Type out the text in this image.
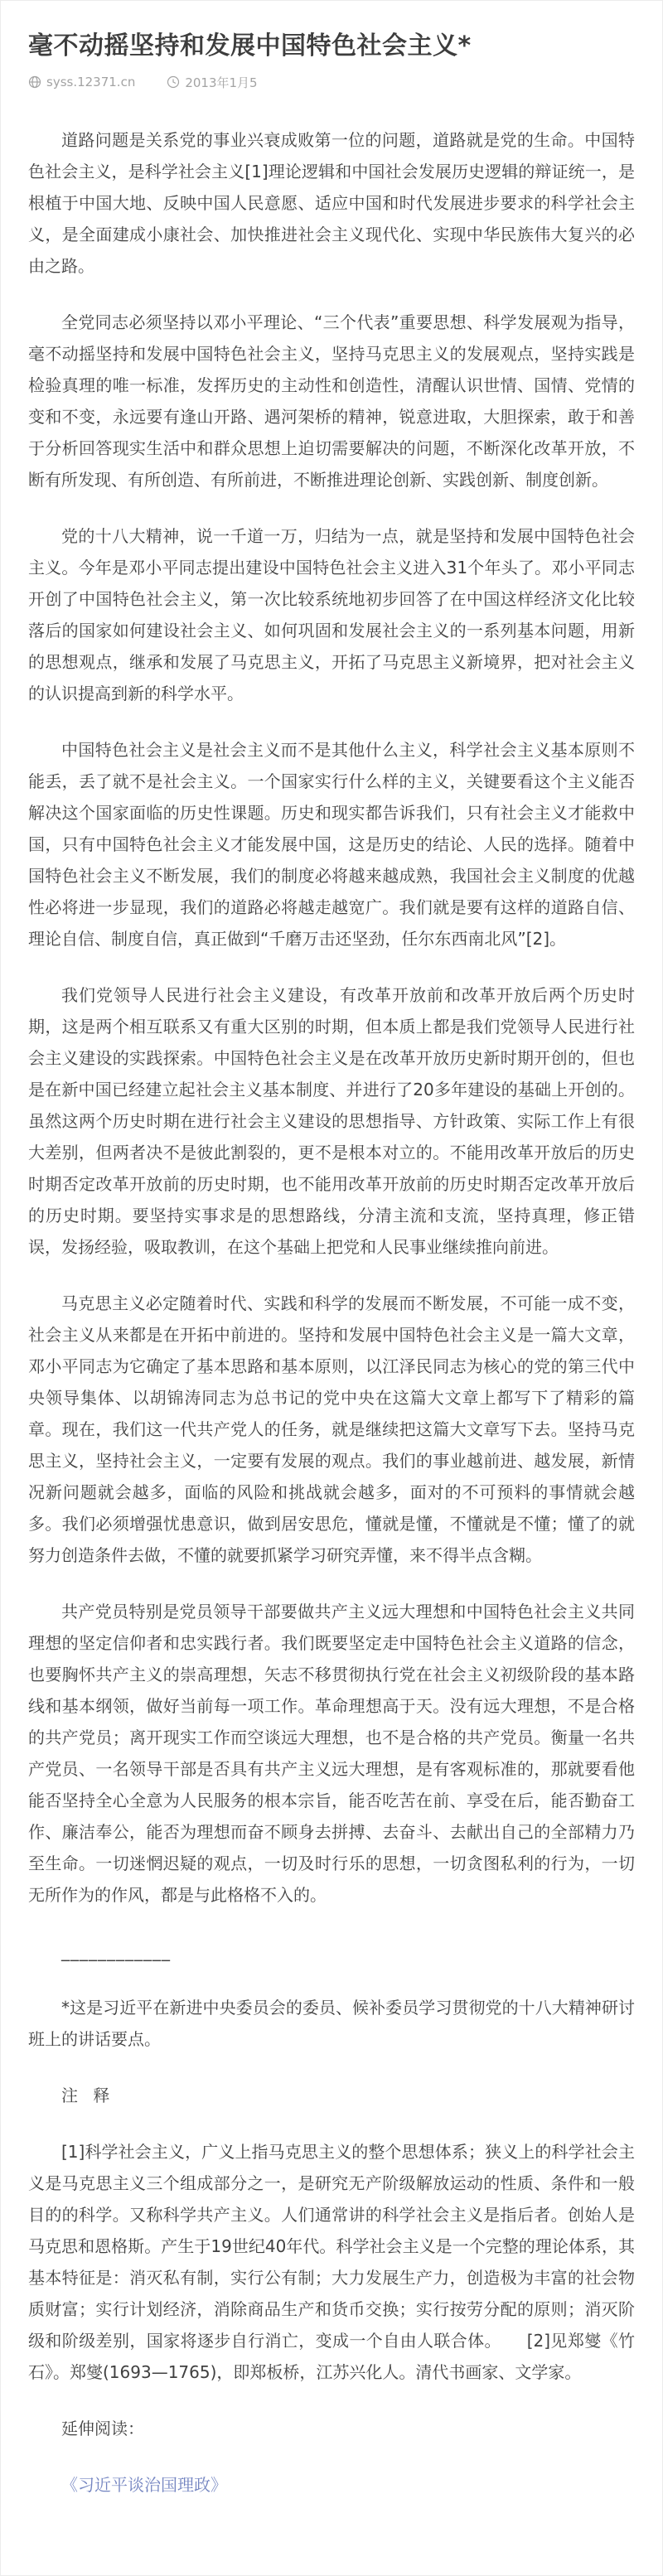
毫不动摇坚持和发展中国特色社会主义*
syss.12371.cn	2013年1月5

道路问题是关系党的事业兴衰成败第一位的问题，道路就是党的生命。中国特色社会主义，是科学社会主义[1]理论逻辑和中国社会发展历史逻辑的辩证统一，是根植于中国大地、反映中国人民意愿、适应中国和时代发展进步要求的科学社会主义，是全面建成小康社会、加快推进社会主义现代化、实现中华民族伟大复兴的必由之路。

全党同志必须坚持以邓小平理论、“三个代表”重要思想、科学发展观为指导，毫不动摇坚持和发展中国特色社会主义，坚持马克思主义的发展观点，坚持实践是检验真理的唯一标准，发挥历史的主动性和创造性，清醒认识世情、国情、党情的变和不变，永远要有逢山开路、遇河架桥的精神，锐意进取，大胆探索，敢于和善于分析回答现实生活中和群众思想上迫切需要解决的问题，不断深化改革开放，不断有所发现、有所创造、有所前进，不断推进理论创新、实践创新、制度创新。

党的十八大精神，说一千道一万，归结为一点，就是坚持和发展中国特色社会主义。今年是邓小平同志提出建设中国特色社会主义进入31个年头了。邓小平同志开创了中国特色社会主义，第一次比较系统地初步回答了在中国这样经济文化比较落后的国家如何建设社会主义、如何巩固和发展社会主义的一系列基本问题，用新的思想观点，继承和发展了马克思主义，开拓了马克思主义新境界，把对社会主义的认识提高到新的科学水平。

中国特色社会主义是社会主义而不是其他什么主义，科学社会主义基本原则不能丢，丢了就不是社会主义。一个国家实行什么样的主义，关键要看这个主义能否解决这个国家面临的历史性课题。历史和现实都告诉我们，只有社会主义才能救中国，只有中国特色社会主义才能发展中国，这是历史的结论、人民的选择。随着中国特色社会主义不断发展，我们的制度必将越来越成熟，我国社会主义制度的优越性必将进一步显现，我们的道路必将越走越宽广。我们就是要有这样的道路自信、理论自信、制度自信，真正做到“千磨万击还坚劲，任尔东西南北风”[2]。

我们党领导人民进行社会主义建设，有改革开放前和改革开放后两个历史时期，这是两个相互联系又有重大区别的时期，但本质上都是我们党领导人民进行社会主义建设的实践探索。中国特色社会主义是在改革开放历史新时期开创的，但也是在新中国已经建立起社会主义基本制度、并进行了20多年建设的基础上开创的。虽然这两个历史时期在进行社会主义建设的思想指导、方针政策、实际工作上有很大差别，但两者决不是彼此割裂的，更不是根本对立的。不能用改革开放后的历史时期否定改革开放前的历史时期，也不能用改革开放前的历史时期否定改革开放后的历史时期。要坚持实事求是的思想路线，分清主流和支流，坚持真理，修正错误，发扬经验，吸取教训，在这个基础上把党和人民事业继续推向前进。

马克思主义必定随着时代、实践和科学的发展而不断发展，不可能一成不变，社会主义从来都是在开拓中前进的。坚持和发展中国特色社会主义是一篇大文章，邓小平同志为它确定了基本思路和基本原则，以江泽民同志为核心的党的第三代中央领导集体、以胡锦涛同志为总书记的党中央在这篇大文章上都写下了精彩的篇章。现在，我们这一代共产党人的任务，就是继续把这篇大文章写下去。坚持马克思主义，坚持社会主义，一定要有发展的观点。我们的事业越前进、越发展，新情况新问题就会越多，面临的风险和挑战就会越多，面对的不可预料的事情就会越多。我们必须增强忧患意识，做到居安思危，懂就是懂，不懂就是不懂；懂了的就努力创造条件去做，不懂的就要抓紧学习研究弄懂，来不得半点含糊。

共产党员特别是党员领导干部要做共产主义远大理想和中国特色社会主义共同理想的坚定信仰者和忠实践行者。我们既要坚定走中国特色社会主义道路的信念，也要胸怀共产主义的崇高理想，矢志不移贯彻执行党在社会主义初级阶段的基本路线和基本纲领，做好当前每一项工作。革命理想高于天。没有远大理想，不是合格的共产党员；离开现实工作而空谈远大理想，也不是合格的共产党员。衡量一名共产党员、一名领导干部是否具有共产主义远大理想，是有客观标准的，那就要看他能否坚持全心全意为人民服务的根本宗旨，能否吃苦在前、享受在后，能否勤奋工作、廉洁奉公，能否为理想而奋不顾身去拼搏、去奋斗、去献出自己的全部精力乃至生命。一切迷惘迟疑的观点，一切及时行乐的思想，一切贪图私利的行为，一切无所作为的作风，都是与此格格不入的。

____________

*这是习近平在新进中央委员会的委员、候补委员学习贯彻党的十八大精神研讨班上的讲话要点。

注 释

[1]科学社会主义，广义上指马克思主义的整个思想体系；狭义上的科学社会主义是马克思主义三个组成部分之一，是研究无产阶级解放运动的性质、条件和一般目的的科学。又称科学共产主义。人们通常讲的科学社会主义是指后者。创始人是马克思和恩格斯。产生于19世纪40年代。科学社会主义是一个完整的理论体系，其基本特征是：消灭私有制，实行公有制；大力发展生产力，创造极为丰富的社会物质财富；实行计划经济，消除商品生产和货币交换；实行按劳分配的原则；消灭阶级和阶级差别，国家将逐步自行消亡，变成一个自由人联合体。　　[2]见郑燮《竹石》。郑燮(1693—1765)，即郑板桥，江苏兴化人。清代书画家、文学家。

延伸阅读：

《习近平谈治国理政》
